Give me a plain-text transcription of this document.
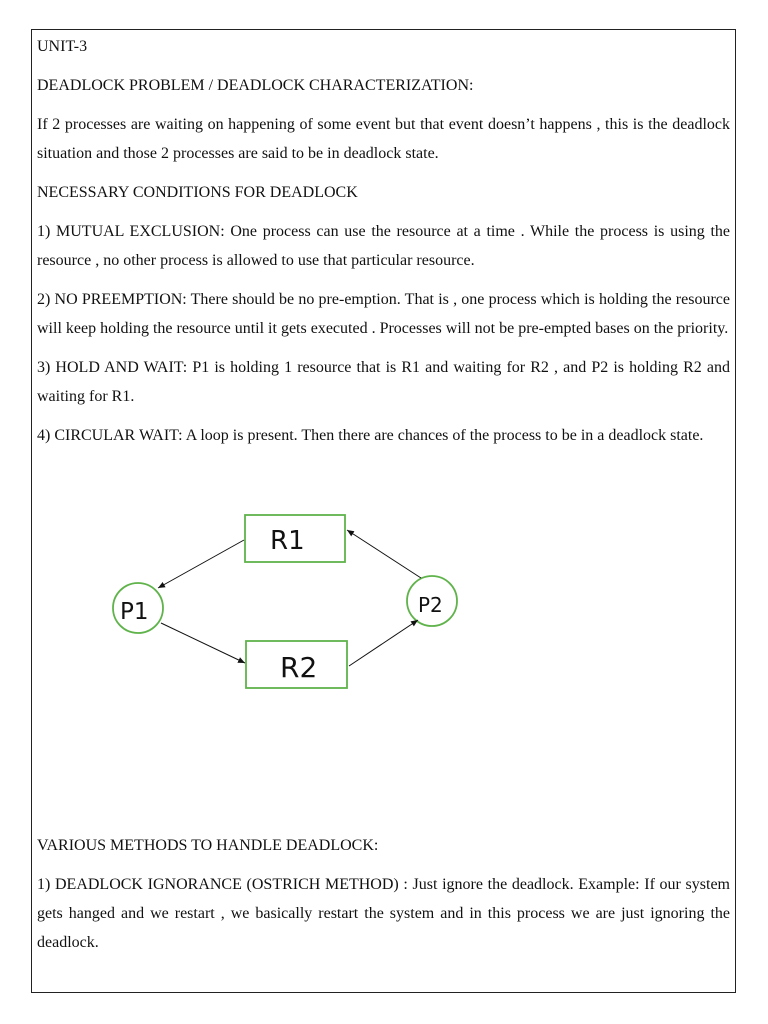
UNIT-3

DEADLOCK PROBLEM / DEADLOCK CHARACTERIZATION:

If 2 processes are waiting on happening of some event but that event doesn’t happens , this is the deadlock situation and those 2 processes are said to be in deadlock state.

NECESSARY CONDITIONS FOR DEADLOCK

1) MUTUAL EXCLUSION: One process can use the resource at a time . While the process is using the resource , no other process is allowed to use that particular resource.

2) NO PREEMPTION: There should be no pre-emption. That is , one process which is holding the resource will keep holding the resource until it gets executed . Processes will not be pre-empted bases on the priority.

3) HOLD AND WAIT: P1 is holding 1 resource that is R1 and waiting for R2 , and P2 is holding R2 and waiting for R1.

4) CIRCULAR WAIT: A loop is present. Then there are chances of the process to be in a deadlock state.

R1
R2
P1	P2

VARIOUS METHODS TO HANDLE DEADLOCK:

1) DEADLOCK IGNORANCE (OSTRICH METHOD) : Just ignore the deadlock. Example: If our system gets hanged and we restart , we basically restart the system and in this process we are just ignoring the deadlock.
